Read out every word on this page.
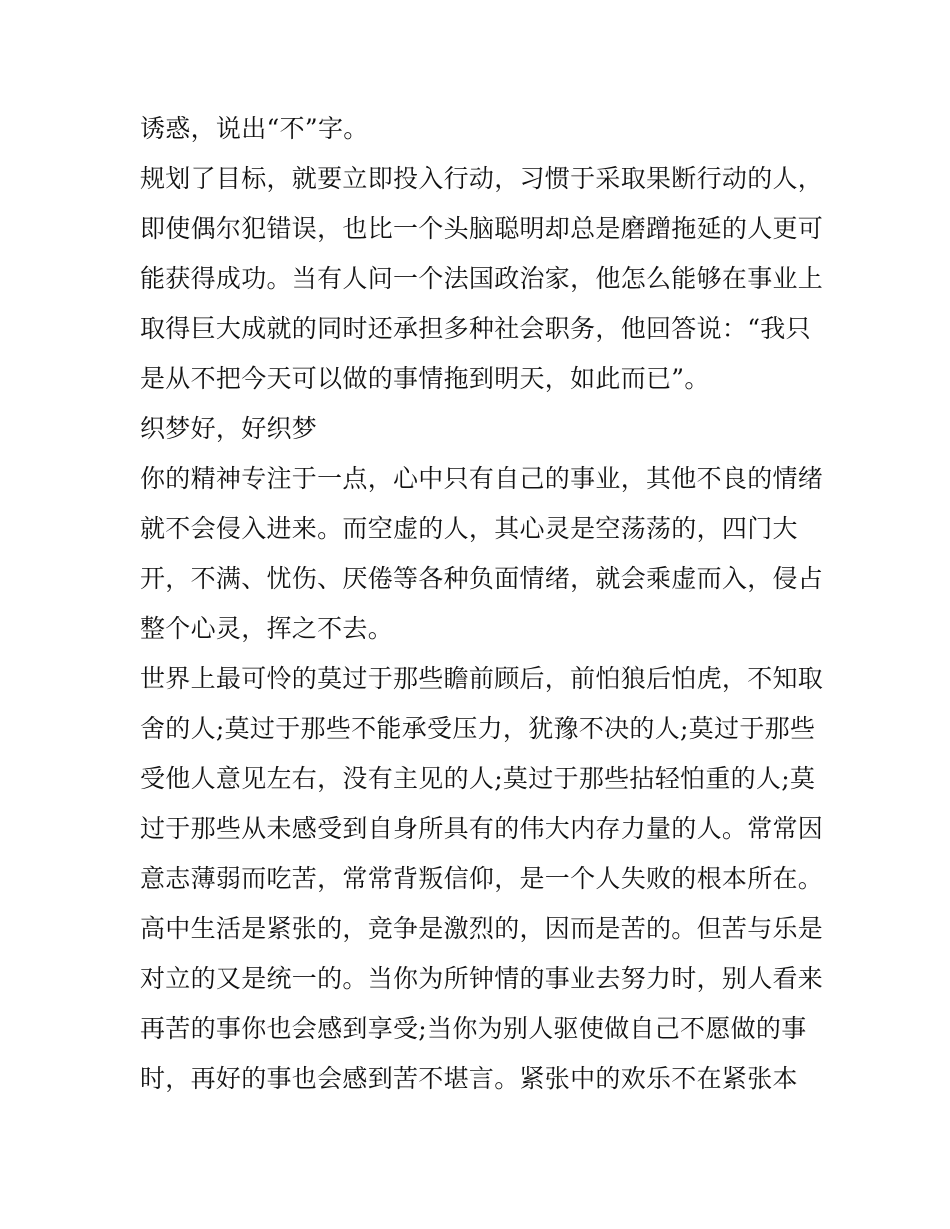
诱惑，说出“不”字。
规划了目标，就要立即投入行动，习惯于采取果断行动的人，
即使偶尔犯错误，也比一个头脑聪明却总是磨蹭拖延的人更可
能获得成功。当有人问一个法国政治家，他怎么能够在事业上
取得巨大成就的同时还承担多种社会职务，他回答说：“我只
是从不把今天可以做的事情拖到明天，如此而已”。
织梦好，好织梦
你的精神专注于一点，心中只有自己的事业，其他不良的情绪
就不会侵入进来。而空虚的人，其心灵是空荡荡的，四门大
开，不满、忧伤、厌倦等各种负面情绪，就会乘虚而入，侵占
整个心灵，挥之不去。
世界上最可怜的莫过于那些瞻前顾后，前怕狼后怕虎，不知取
舍的人;莫过于那些不能承受压力，犹豫不决的人;莫过于那些
受他人意见左右，没有主见的人;莫过于那些拈轻怕重的人;莫
过于那些从未感受到自身所具有的伟大内存力量的人。常常因
意志薄弱而吃苦，常常背叛信仰，是一个人失败的根本所在。
高中生活是紧张的，竞争是激烈的，因而是苦的。但苦与乐是
对立的又是统一的。当你为所钟情的事业去努力时，别人看来
再苦的事你也会感到享受;当你为别人驱使做自己不愿做的事
时，再好的事也会感到苦不堪言。紧张中的欢乐不在紧张本
